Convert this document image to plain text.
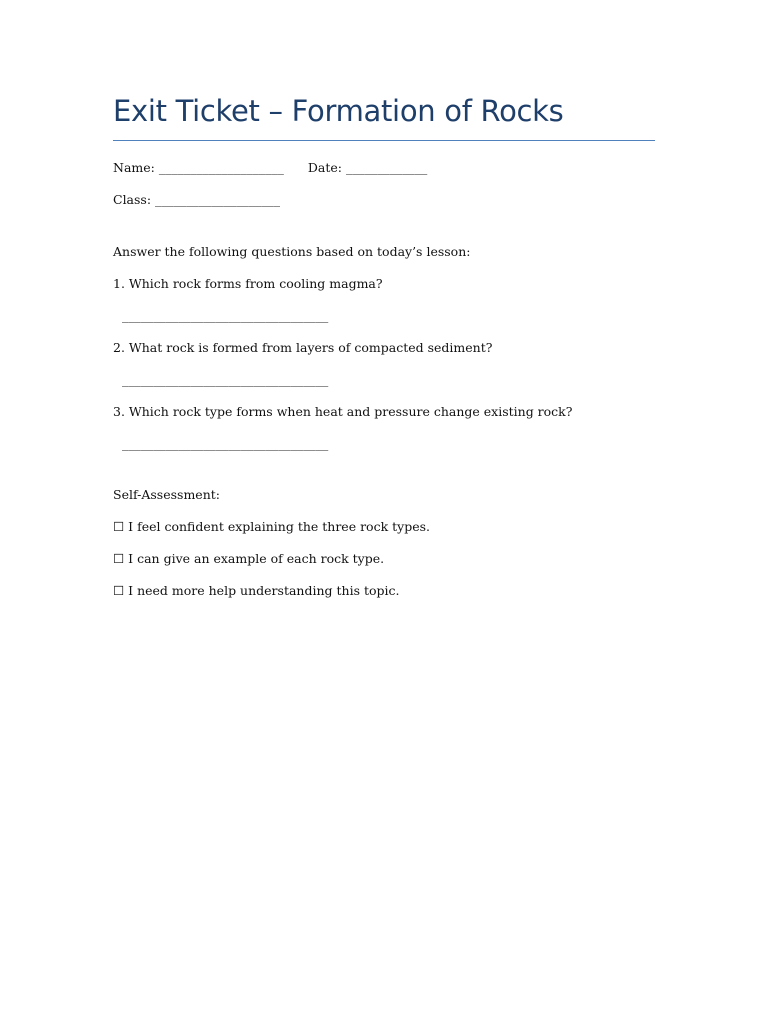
Exit Ticket – Formation of Rocks
Name: ____________________ Date: _____________
Class: ____________________
Answer the following questions based on today’s lesson:
1. Which rock forms from cooling magma?
_________________________________
2. What rock is formed from layers of compacted sediment?
_________________________________
3. Which rock type forms when heat and pressure change existing rock?
_________________________________
Self-Assessment:
☐ I feel confident explaining the three rock types.
☐ I can give an example of each rock type.
☐ I need more help understanding this topic.
